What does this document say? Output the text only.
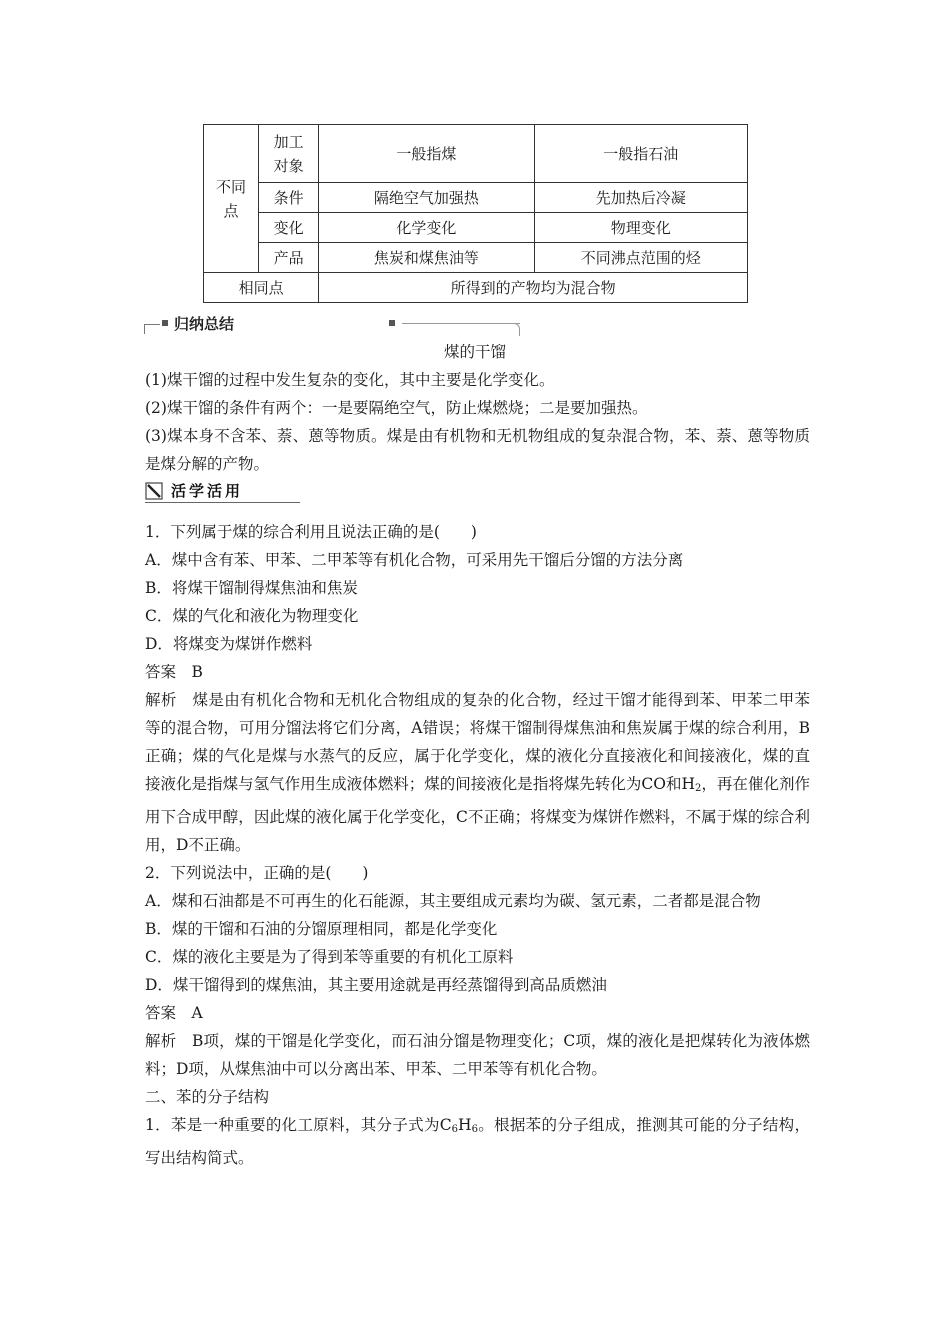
不同点	加工对象	一般指煤	一般指石油
	条件	隔绝空气加强热	先加热后冷凝
	变化	化学变化	物理变化
	产品	焦炭和煤焦油等	不同沸点范围的烃
相同点		所得到的产物均为混合物	
归纳总结
煤的干馏

(1)煤干馏的过程中发生复杂的变化，其中主要是化学变化。

(2)煤干馏的条件有两个：一是要隔绝空气，防止煤燃烧；二是要加强热。

(3)煤本身不含苯、萘、蒽等物质。煤是由有机物和无机物组成的复杂混合物，苯、萘、蒽等物质是煤分解的产物。

活学活用

1．下列属于煤的综合利用且说法正确的是(　　)

A．煤中含有苯、甲苯、二甲苯等有机化合物，可采用先干馏后分馏的方法分离

B．将煤干馏制得煤焦油和焦炭

C．煤的气化和液化为物理变化

D．将煤变为煤饼作燃料

答案　B

解析　煤是由有机化合物和无机化合物组成的复杂的化合物，经过干馏才能得到苯、甲苯二甲苯等的混合物，可用分馏法将它们分离，A错误；将煤干馏制得煤焦油和焦炭属于煤的综合利用，B正确；煤的气化是煤与水蒸气的反应，属于化学变化，煤的液化分直接液化和间接液化，煤的直接液化是指煤与氢气作用生成液体燃料；煤的间接液化是指将煤先转化为CO和$H_2$，再在催化剂作用下合成甲醇，因此煤的液化属于化学变化，C不正确；将煤变为煤饼作燃料，不属于煤的综合利用，D不正确。

2．下列说法中，正确的是(　　)

A．煤和石油都是不可再生的化石能源，其主要组成元素均为碳、氢元素，二者都是混合物

B．煤的干馏和石油的分馏原理相同，都是化学变化

C．煤的液化主要是为了得到苯等重要的有机化工原料

D．煤干馏得到的煤焦油，其主要用途就是再经蒸馏得到高品质燃油

答案　A

解析　B项，煤的干馏是化学变化，而石油分馏是物理变化；C项，煤的液化是把煤转化为液体燃料；D项，从煤焦油中可以分离出苯、甲苯、二甲苯等有机化合物。

二、苯的分子结构

1．苯是一种重要的化工原料，其分子式为$C_6H_6$。根据苯的分子组成，推测其可能的分子结构，写出结构简式。
